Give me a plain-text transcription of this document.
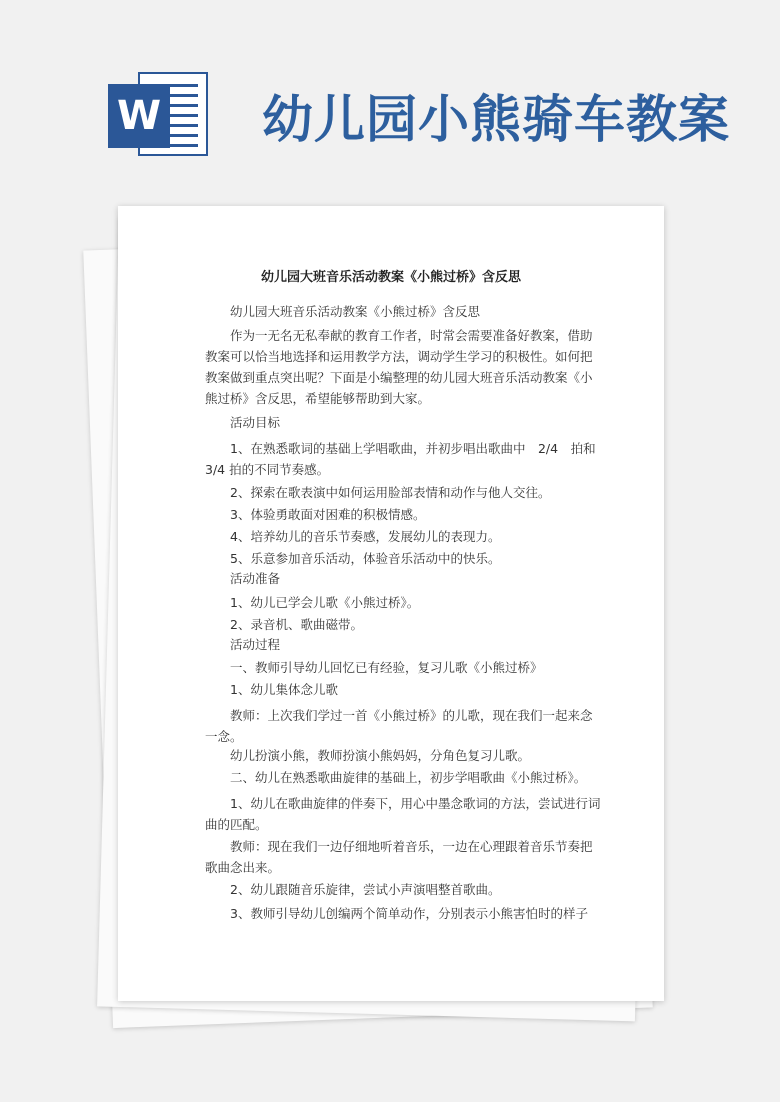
W 幼儿园小熊骑车教案
幼儿园大班音乐活动教案《小熊过桥》含反思

幼儿园大班音乐活动教案《小熊过桥》含反思

作为一无名无私奉献的教育工作者，时常会需要准备好教案，借助教案可以恰当地选择和运用教学方法，调动学生学习的积极性。如何把教案做到重点突出呢？下面是小编整理的幼儿园大班音乐活动教案《小熊过桥》含反思，希望能够帮助到大家。

活动目标

1、在熟悉歌词的基础上学唱歌曲，并初步唱出歌曲中　2/4　拍和3/4 拍的不同节奏感。

2、探索在歌表演中如何运用脸部表情和动作与他人交往。

3、体验勇敢面对困难的积极情感。

4、培养幼儿的音乐节奏感，发展幼儿的表现力。

5、乐意参加音乐活动，体验音乐活动中的快乐。

活动准备

1、幼儿已学会儿歌《小熊过桥》。

2、录音机、歌曲磁带。

活动过程

一、教师引导幼儿回忆已有经验，复习儿歌《小熊过桥》

1、幼儿集体念儿歌

教师：上次我们学过一首《小熊过桥》的儿歌，现在我们一起来念一念。

幼儿扮演小熊，教师扮演小熊妈妈，分角色复习儿歌。

二、幼儿在熟悉歌曲旋律的基础上，初步学唱歌曲《小熊过桥》。

1、幼儿在歌曲旋律的伴奏下，用心中墨念歌词的方法，尝试进行词曲的匹配。

教师：现在我们一边仔细地听着音乐，一边在心理跟着音乐节奏把歌曲念出来。

2、幼儿跟随音乐旋律，尝试小声演唱整首歌曲。

3、教师引导幼儿创编两个简单动作，分别表示小熊害怕时的样子
